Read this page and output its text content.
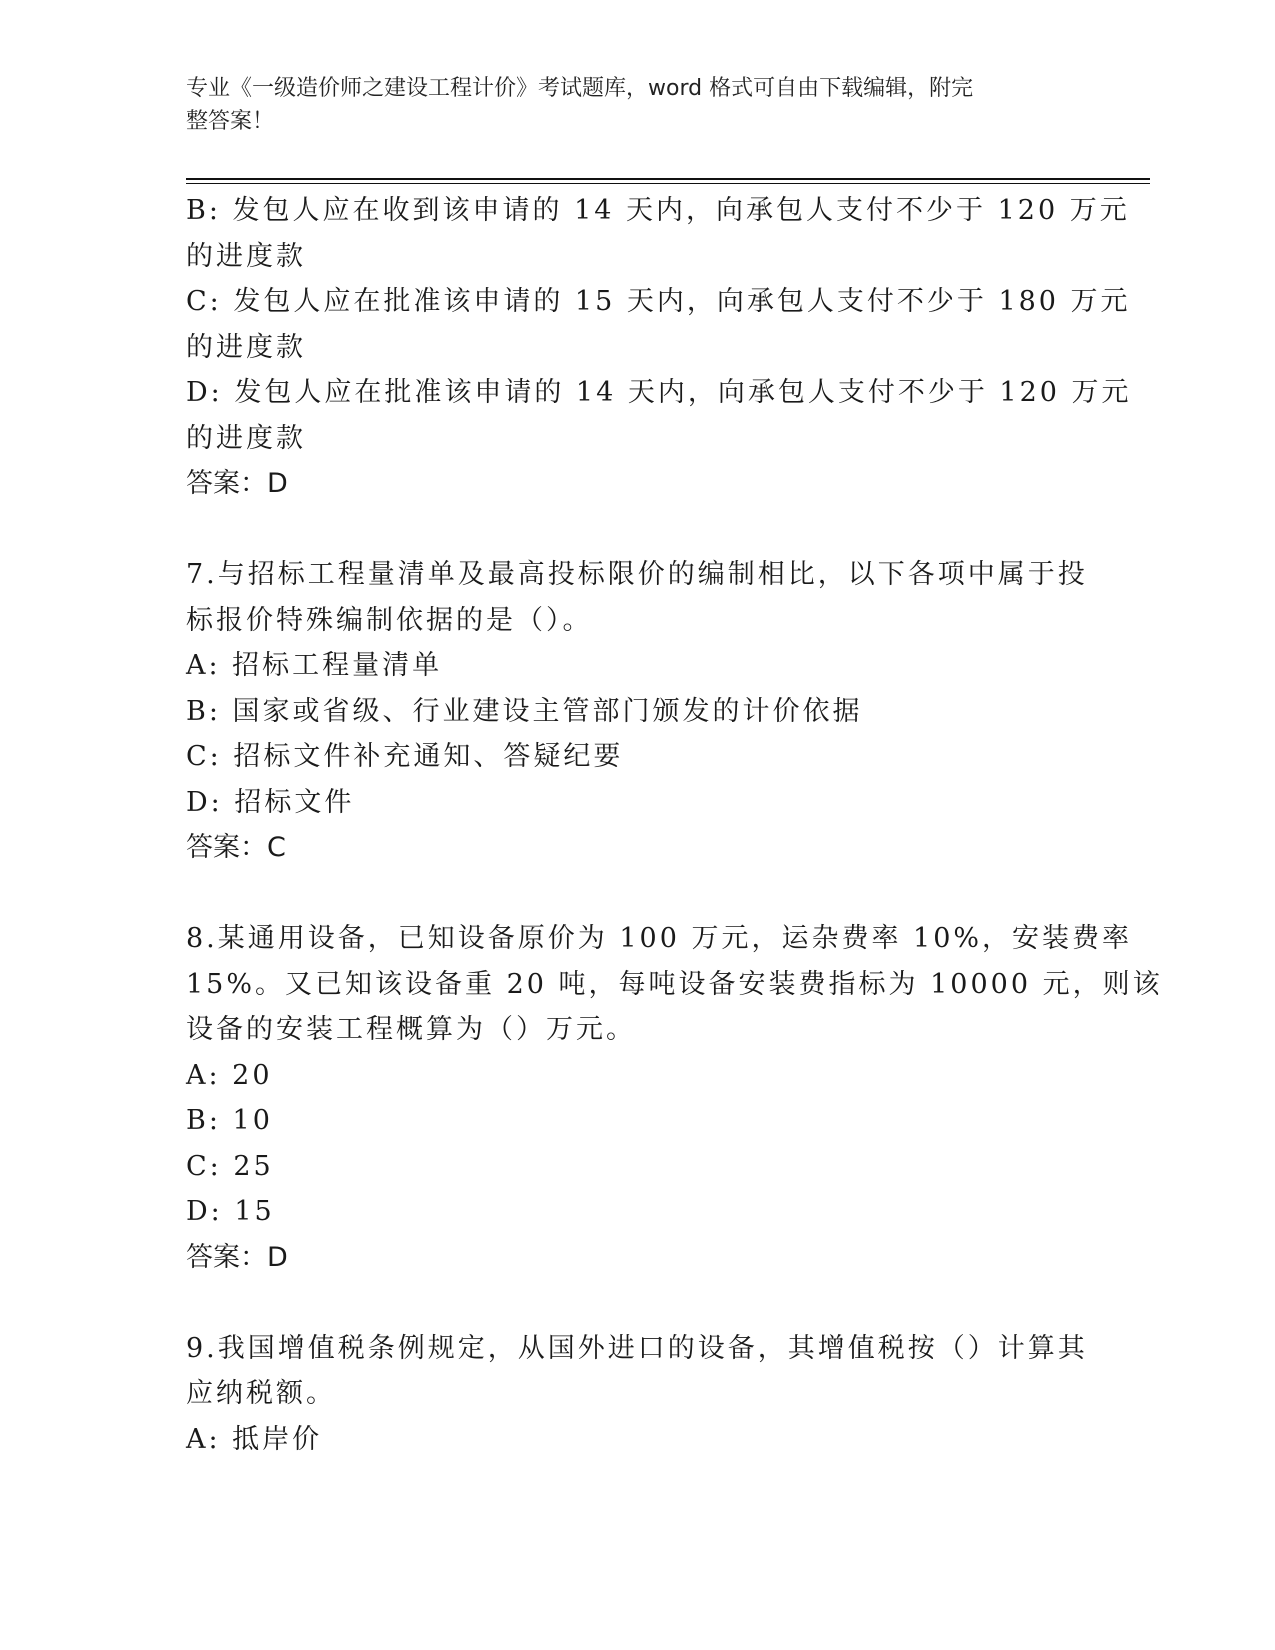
专业《一级造价师之建设工程计价》考试题库，word 格式可自由下载编辑，附完
整答案！
B: 发包人应在收到该申请的 14 天内，向承包人支付不少于 120 万元
的进度款
C: 发包人应在批准该申请的 15 天内，向承包人支付不少于 180 万元
的进度款
D: 发包人应在批准该申请的 14 天内，向承包人支付不少于 120 万元
的进度款
答案：D
7.与招标工程量清单及最高投标限价的编制相比，以下各项中属于投
标报价特殊编制依据的是（）。
A: 招标工程量清单
B: 国家或省级、行业建设主管部门颁发的计价依据
C: 招标文件补充通知、答疑纪要
D: 招标文件
答案：C
8.某通用设备，已知设备原价为 100 万元，运杂费率 10%，安装费率
15%。又已知该设备重 20 吨，每吨设备安装费指标为 10000 元，则该
设备的安装工程概算为（）万元。
A: 20
B: 10
C: 25
D: 15
答案：D
9.我国增值税条例规定，从国外进口的设备，其增值税按（）计算其
应纳税额。
A: 抵岸价
